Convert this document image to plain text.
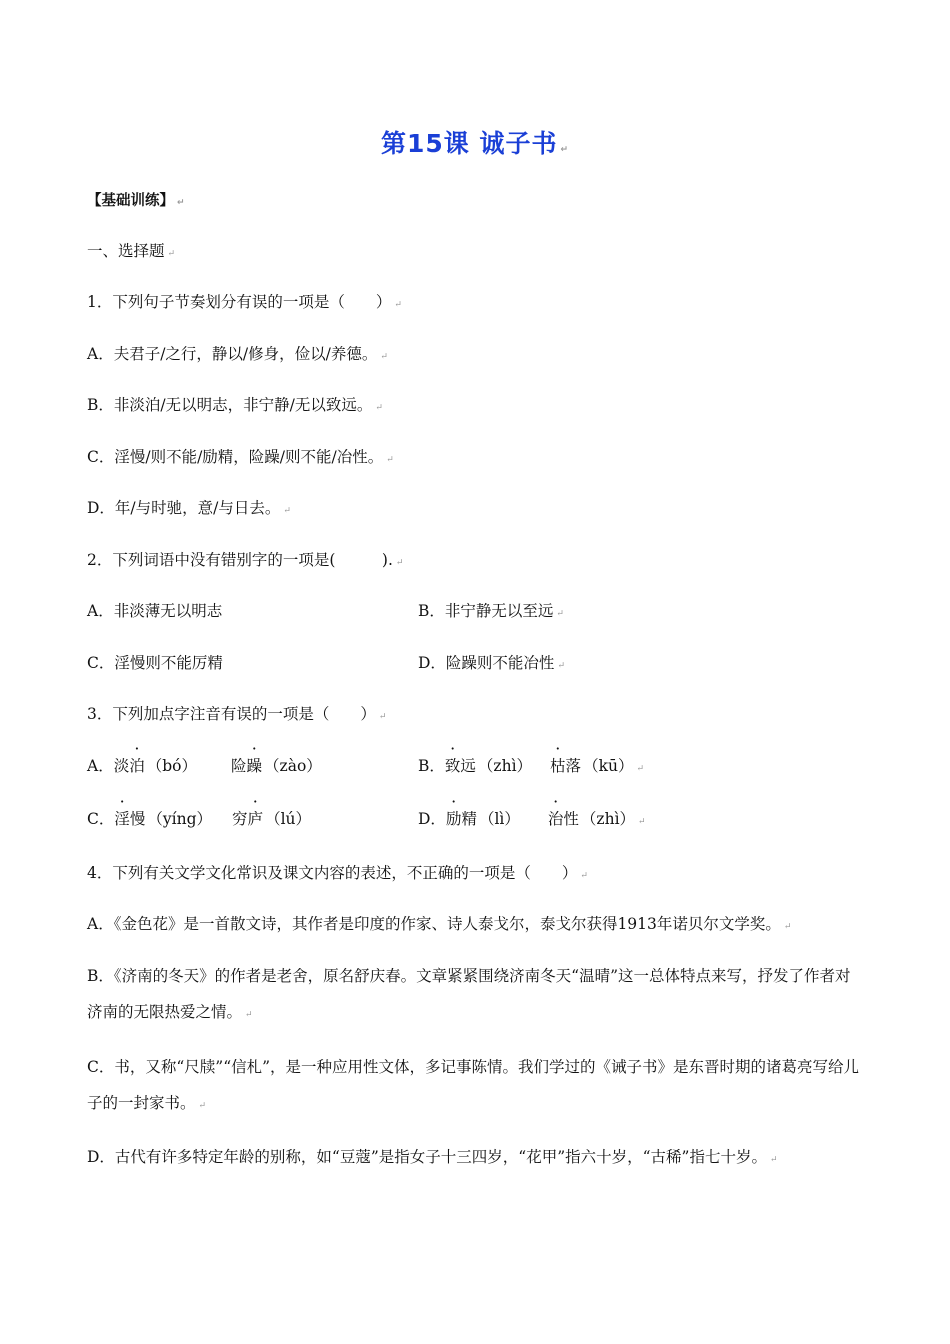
第15课 诚子书 ↵
【基础训练】 ↵
一、选择题 ↵
1．下列句子节奏划分有误的一项是（　　） ↵
A．夫君子/之行，静以/修身，俭以/养德。 ↵
B．非淡泊/无以明志，非宁静/无以致远。 ↵
C．淫慢/则不能/励精，险躁/则不能/冶性。 ↵
D．年/与时驰，意/与日去。 ↵
2．下列词语中没有错别字的一项是(　　　). ↵
A．非淡薄无以明志	B．非宁静无以至远 ↵
C．淫慢则不能厉精	D．险躁则不能冶性 ↵
3．下列加点字注音有误的一项是（　　） ↵
A．淡泊 （bó） 险躁 （zào）	B．致远 （zhì） 枯落 （kū） ↵
C．淫慢 （yíng） 穷庐 （lú）	D．励精 （lì） 治性 （zhì） ↵
4．下列有关文学文化常识及课文内容的表述，不正确的一项是（　　） ↵
A．《金色花》是一首散文诗，其作者是印度的作家、诗人泰戈尔，泰戈尔获得1913年诺贝尔文学奖。 ↵
B．《济南的冬天》的作者是老舍，原名舒庆春。文章紧紧围绕济南冬天“温晴”这一总体特点来写，抒发了作者对济南的无限热爱之情。 ↵
C．书，又称“尺牍”“信札”，是一种应用性文体，多记事陈情。我们学过的《诫子书》是东晋时期的诸葛亮写给儿子的一封家书。 ↵
D．古代有许多特定年龄的别称，如“豆蔻”是指女子十三四岁，“花甲”指六十岁，“古稀”指七十岁。 ↵
